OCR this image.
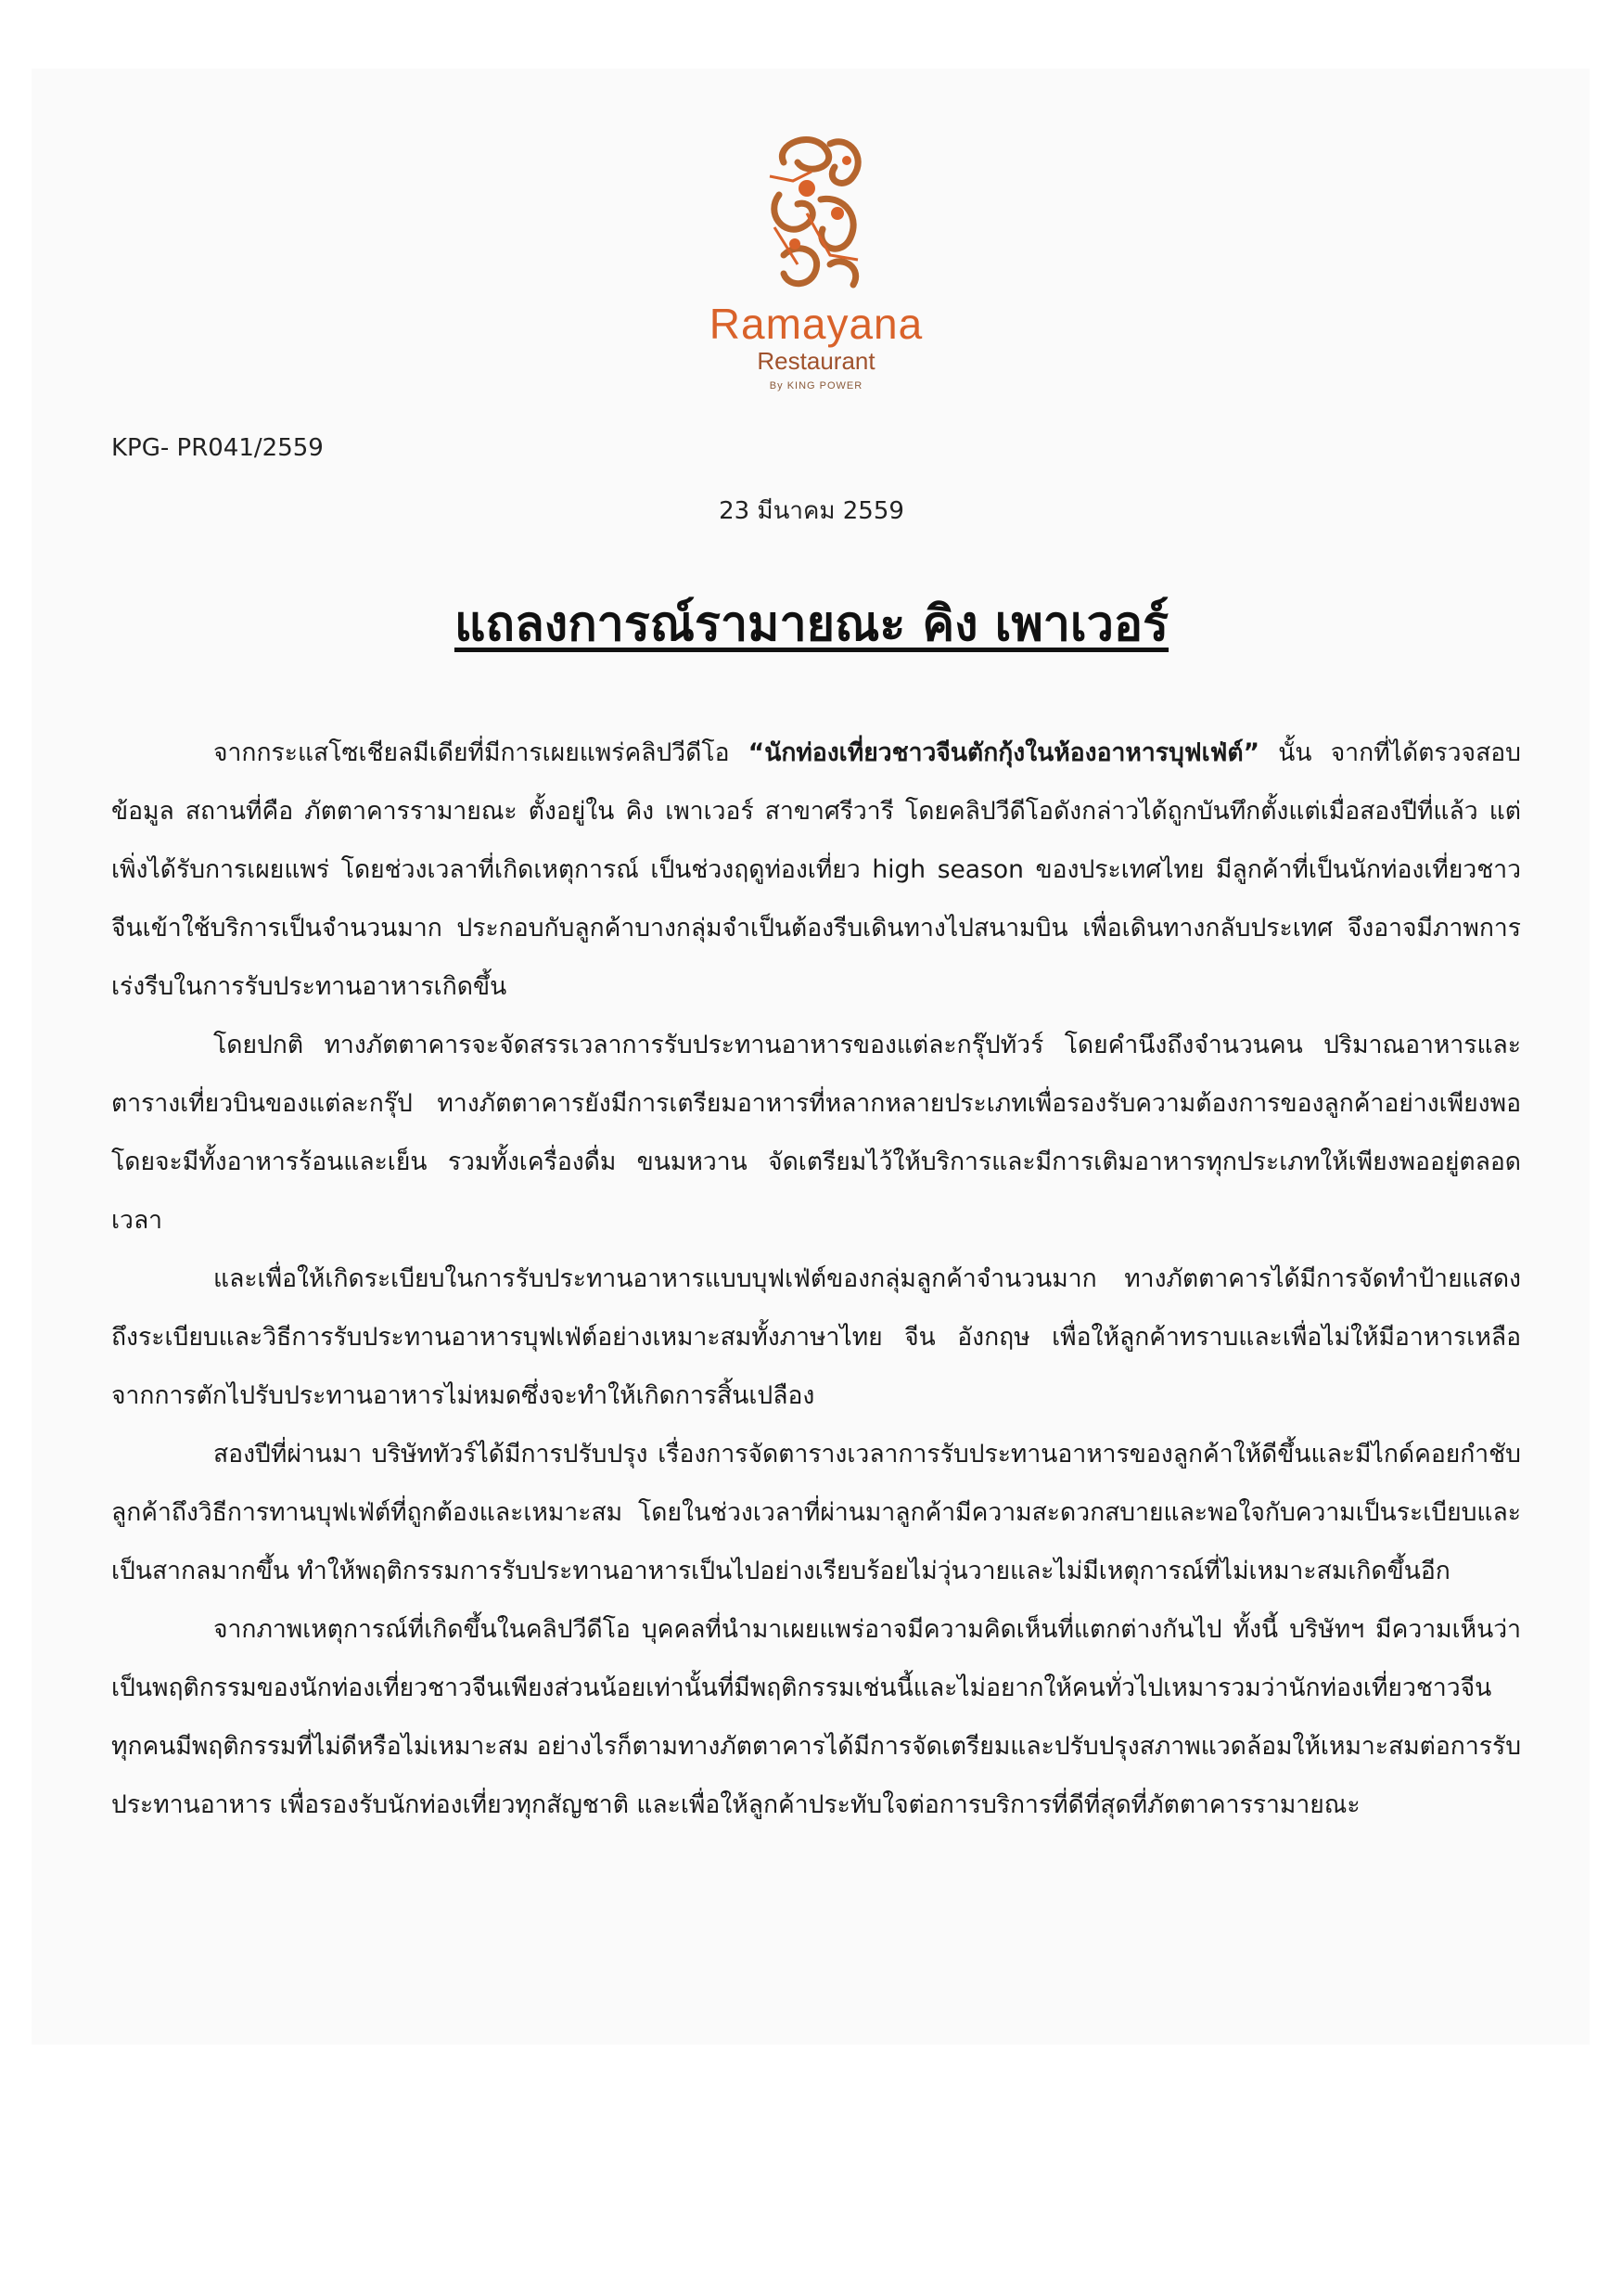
Ramayana
Restaurant
By KING POWER
KPG- PR041/2559
23 มีนาคม 2559
แถลงการณ์รามายณะ คิง เพาเวอร์

จากกระแสโซเชียลมีเดียที่มีการเผยแพร่คลิปวีดีโอ “นักท่องเที่ยวชาวจีนตักกุ้งในห้องอาหารบุฟเฟ่ต์” นั้น จากที่ได้ตรวจสอบข้อมูล สถานที่คือ ภัตตาคารรามายณะ ตั้งอยู่ใน คิง เพาเวอร์ สาขาศรีวารี โดยคลิปวีดีโอดังกล่าวได้ถูกบันทึกตั้งแต่เมื่อสองปีที่แล้ว แต่เพิ่งได้รับการเผยแพร่ โดยช่วงเวลาที่เกิดเหตุการณ์ เป็นช่วงฤดูท่องเที่ยว high season ของประเทศไทย มีลูกค้าที่เป็นนักท่องเที่ยวชาวจีนเข้าใช้บริการเป็นจำนวนมาก ประกอบกับลูกค้าบางกลุ่มจำเป็นต้องรีบเดินทางไปสนามบิน เพื่อเดินทางกลับประเทศ จึงอาจมีภาพการเร่งรีบในการรับประทานอาหารเกิดขึ้น

โดยปกติ ทางภัตตาคารจะจัดสรรเวลาการรับประทานอาหารของแต่ละกรุ๊ปทัวร์ โดยคำนึงถึงจำนวนคน ปริมาณอาหารและตารางเที่ยวบินของแต่ละกรุ๊ป ทางภัตตาคารยังมีการเตรียมอาหารที่หลากหลายประเภทเพื่อรองรับความต้องการของลูกค้าอย่างเพียงพอ โดยจะมีทั้งอาหารร้อนและเย็น รวมทั้งเครื่องดื่ม ขนมหวาน จัดเตรียมไว้ให้บริการและมีการเติมอาหารทุกประเภทให้เพียงพออยู่ตลอดเวลา

และเพื่อให้เกิดระเบียบในการรับประทานอาหารแบบบุฟเฟ่ต์ของกลุ่มลูกค้าจำนวนมาก ทางภัตตาคารได้มีการจัดทำป้ายแสดงถึงระเบียบและวิธีการรับประทานอาหารบุฟเฟ่ต์อย่างเหมาะสมทั้งภาษาไทย จีน อังกฤษ เพื่อให้ลูกค้าทราบและเพื่อไม่ให้มีอาหารเหลือจากการตักไปรับประทานอาหารไม่หมดซึ่งจะทำให้เกิดการสิ้นเปลือง

สองปีที่ผ่านมา บริษัททัวร์ได้มีการปรับปรุง เรื่องการจัดตารางเวลาการรับประทานอาหารของลูกค้าให้ดีขึ้นและมีไกด์คอยกำชับลูกค้าถึงวิธีการทานบุฟเฟ่ต์ที่ถูกต้องและเหมาะสม โดยในช่วงเวลาที่ผ่านมาลูกค้ามีความสะดวกสบายและพอใจกับความเป็นระเบียบและเป็นสากลมากขึ้น ทำให้พฤติกรรมการรับประทานอาหารเป็นไปอย่างเรียบร้อยไม่วุ่นวายและไม่มีเหตุการณ์ที่ไม่เหมาะสมเกิดขึ้นอีก

จากภาพเหตุการณ์ที่เกิดขึ้นในคลิปวีดีโอ บุคคลที่นำมาเผยแพร่อาจมีความคิดเห็นที่แตกต่างกันไป ทั้งนี้ บริษัทฯ มีความเห็นว่า เป็นพฤติกรรมของนักท่องเที่ยวชาวจีนเพียงส่วนน้อยเท่านั้นที่มีพฤติกรรมเช่นนี้และไม่อยากให้คนทั่วไปเหมารวมว่านักท่องเที่ยวชาวจีนทุกคนมีพฤติกรรมที่ไม่ดีหรือไม่เหมาะสม อย่างไรก็ตามทางภัตตาคารได้มีการจัดเตรียมและปรับปรุงสภาพแวดล้อมให้เหมาะสมต่อการรับประทานอาหาร เพื่อรองรับนักท่องเที่ยวทุกสัญชาติ และเพื่อให้ลูกค้าประทับใจต่อการบริการที่ดีที่สุดที่ภัตตาคารรามายณะ
